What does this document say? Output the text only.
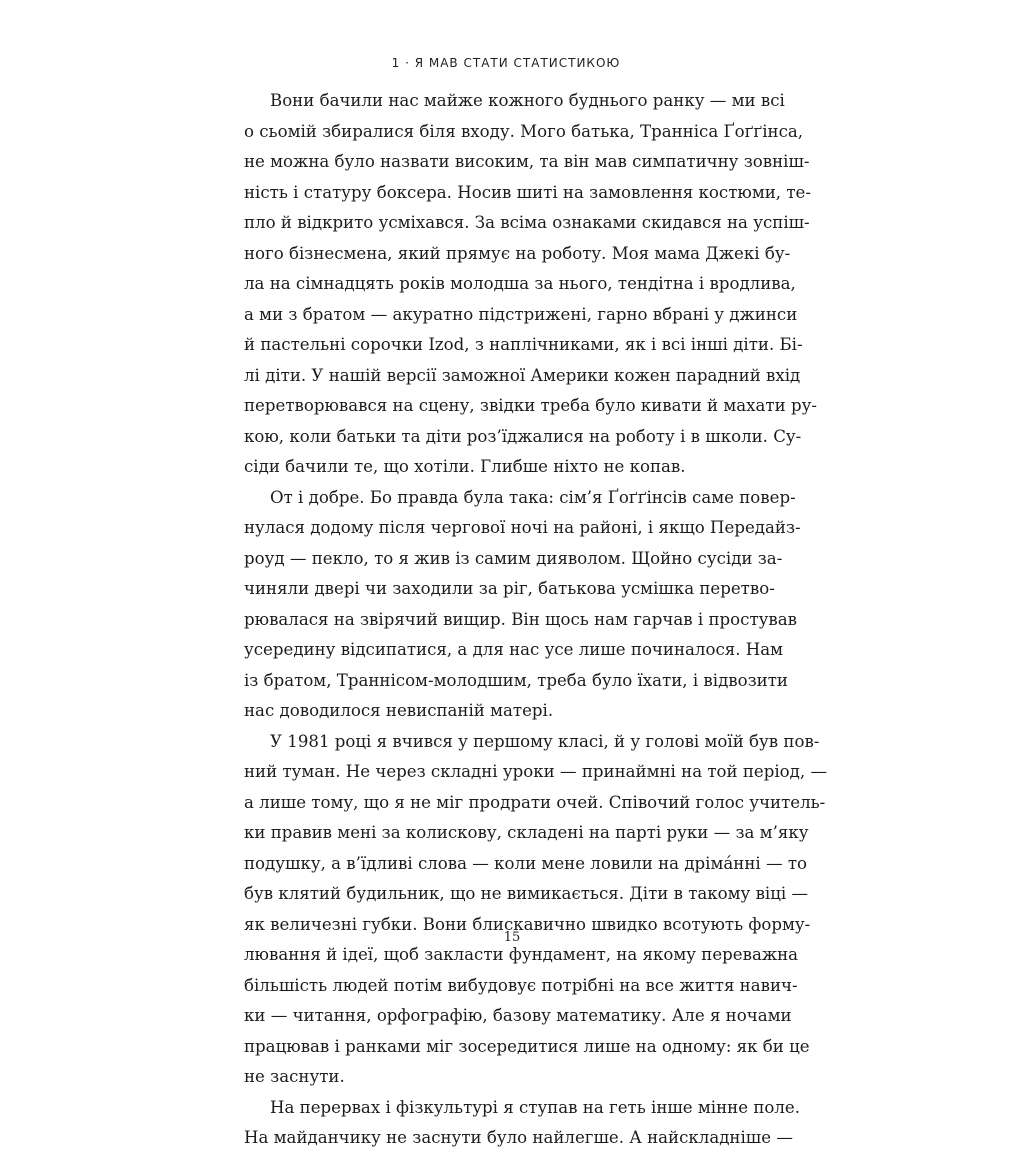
1 · Я МАВ СТАТИ СТАТИСТИКОЮ
Вони бачили нас майже кожного буднього ранку — ми всі
о сьомій збиралися біля входу. Мого батька, Траннiса Ґоґґiнса,
не можна було назвати високим, та він мав симпатичну зовніш-
ність і статуру боксера. Носив шиті на замовлення костюми, те-
пло й відкрито усміхався. За всіма ознаками скидався на успіш-
ного бізнесмена, який прямує на роботу. Моя мама Джекі бу-
ла на сімнадцять років молодша за нього, тендітна і вродлива,
а ми з братом — акуратно підстрижені, гарно вбрані у джинси
й пастельні сорочки Izod, з наплічниками, як і всі інші діти. Бі-
лі діти. У нашій версії заможної Америки кожен парадний вхід
перетворювався на сцену, звідки треба було кивати й махати ру-
кою, коли батьки та діти роз’їджалися на роботу і в школи. Су-
сіди бачили те, що хотіли. Глибше ніхто не копав.
От і добре. Бо правда була така: сім’я Ґоґґінсів саме повер-
нулася додому після чергової ночі на районі, і якщо Передайз-
роуд — пекло, то я жив із самим дияволом. Щойно сусіди за-
чиняли двері чи заходили за ріг, батькова усмішка перетво-
рювалася на звірячий вищир. Він щось нам гарчав і простував
усередину відсипатися, а для нас усе лише починалося. Нам
із братом, Траннісом-молодшим, треба було їхати, і відвозити
нас доводилося невиспаній матері.
У 1981 році я вчився у першому класі, й у голові моїй був пов-
ний туман. Не через складні уроки — принаймні на той період, —
а лише тому, що я не міг продрати очей. Співочий голос учитель-
ки правив мені за колискову, складені на парті руки — за м’яку
подушку, а в’їдливі слова — коли мене ловили на дрімáнні — то
був клятий будильник, що не вимикається. Діти в такому віці —
як величезні губки. Вони блискавично швидко всотують форму-
лювання й ідеї, щоб закласти фундамент, на якому переважна
більшість людей потім вибудовує потрібні на все життя навич-
ки — читання, орфографію, базову математику. Але я ночами
працював і ранками міг зосередитися лише на одному: як би це
не заснути.
На перервах і фізкультурі я ступав на геть інше мінне поле.
На майданчику не заснути було найлегше. А найскладніше —
15
